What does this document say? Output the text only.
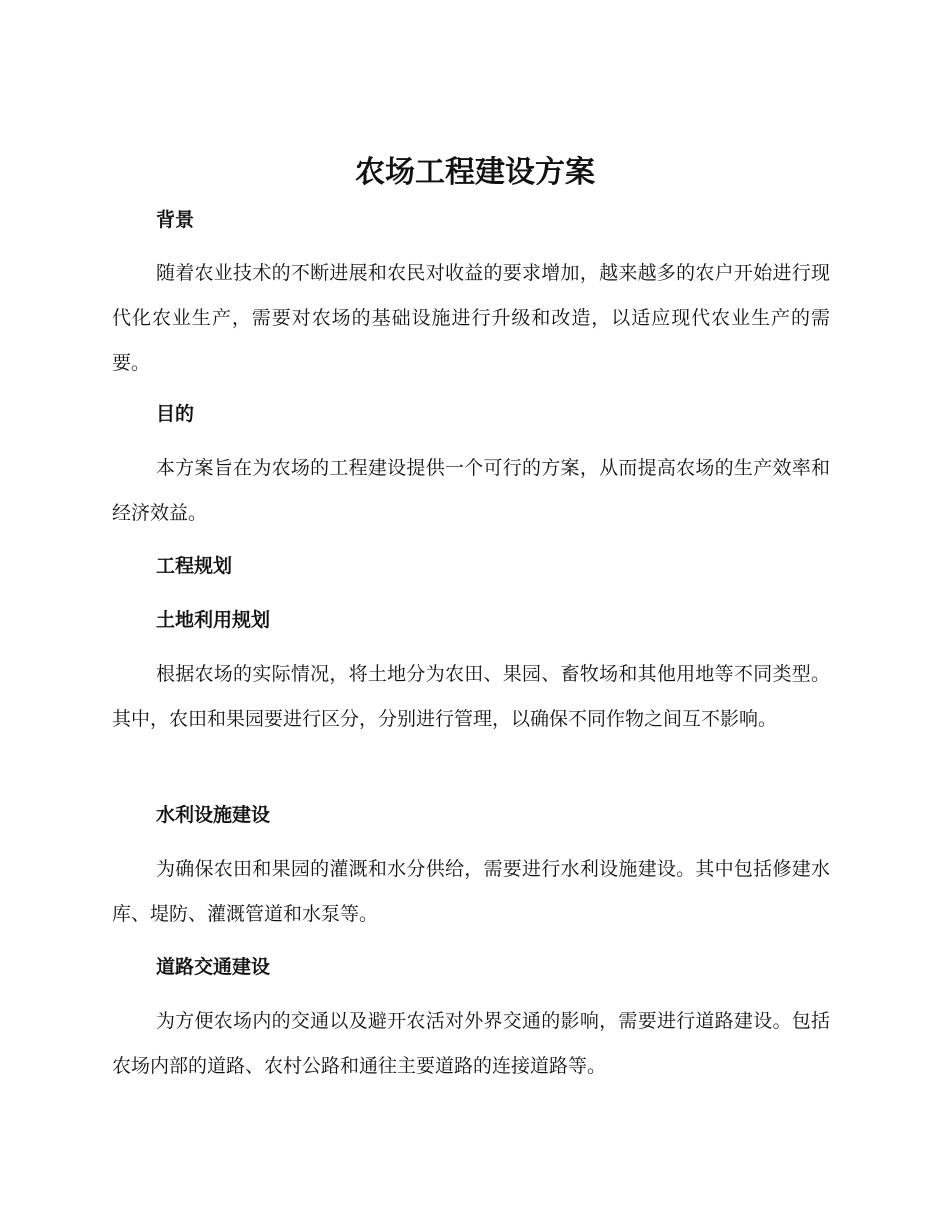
农场工程建设方案
背景

随着农业技术的不断进展和农民对收益的要求增加，越来越多的农户开始进行现代化农业生产，需要对农场的基础设施进行升级和改造，以适应现代农业生产的需要。

目的

本方案旨在为农场的工程建设提供一个可行的方案，从而提高农场的生产效率和经济效益。

工程规划
土地利用规划

根据农场的实际情况，将土地分为农田、果园、畜牧场和其他用地等不同类型。其中，农田和果园要进行区分，分别进行管理，以确保不同作物之间互不影响。

水利设施建设

为确保农田和果园的灌溉和水分供给，需要进行水利设施建设。其中包括修建水库、堤防、灌溉管道和水泵等。

道路交通建设

为方便农场内的交通以及避开农活对外界交通的影响，需要进行道路建设。包括农场内部的道路、农村公路和通往主要道路的连接道路等。
